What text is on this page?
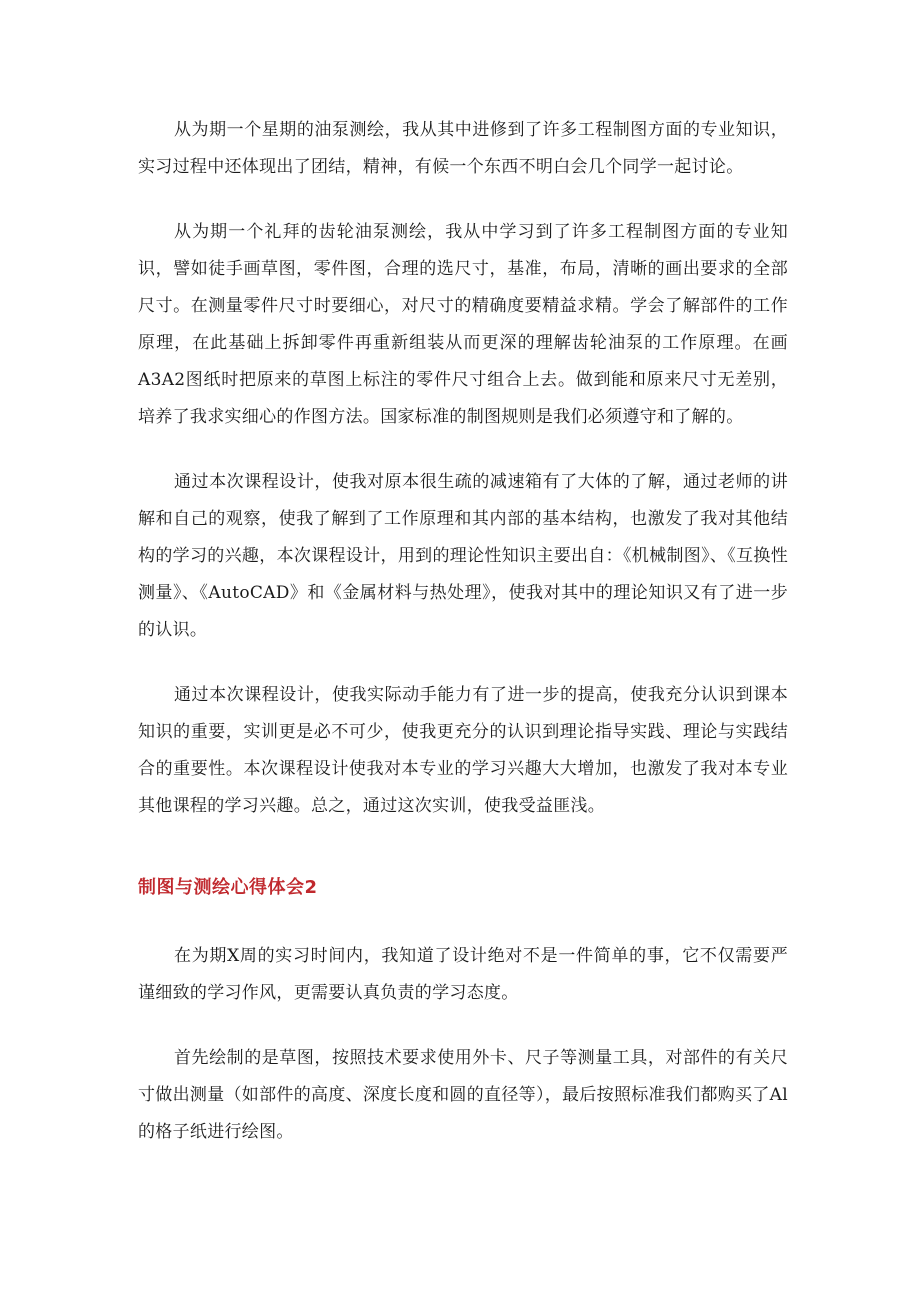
从为期一个星期的油泵测绘，我从其中进修到了许多工程制图方面的专业知识，实习过程中还体现出了团结，精神，有候一个东西不明白会几个同学一起讨论。

从为期一个礼拜的齿轮油泵测绘，我从中学习到了许多工程制图方面的专业知识，譬如徒手画草图，零件图，合理的选尺寸，基准，布局，清晰的画出要求的全部尺寸。在测量零件尺寸时要细心，对尺寸的精确度要精益求精。学会了解部件的工作原理，在此基础上拆卸零件再重新组装从而更深的理解齿轮油泵的工作原理。在画A3A2图纸时把原来的草图上标注的零件尺寸组合上去。做到能和原来尺寸无差别，培养了我求实细心的作图方法。国家标准的制图规则是我们必须遵守和了解的。

通过本次课程设计，使我对原本很生疏的减速箱有了大体的了解，通过老师的讲解和自己的观察，使我了解到了工作原理和其内部的基本结构，也激发了我对其他结构的学习的兴趣，本次课程设计，用到的理论性知识主要出自：《机械制图》、《互换性测量》、《AutoCAD》和《金属材料与热处理》，使我对其中的理论知识又有了进一步的认识。

通过本次课程设计，使我实际动手能力有了进一步的提高，使我充分认识到课本知识的重要，实训更是必不可少，使我更充分的认识到理论指导实践、理论与实践结合的重要性。本次课程设计使我对本专业的学习兴趣大大增加，也激发了我对本专业其他课程的学习兴趣。总之，通过这次实训，使我受益匪浅。

制图与测绘心得体会2

在为期X周的实习时间内，我知道了设计绝对不是一件简单的事，它不仅需要严谨细致的学习作风，更需要认真负责的学习态度。

首先绘制的是草图，按照技术要求使用外卡、尺子等测量工具，对部件的有关尺寸做出测量（如部件的高度、深度长度和圆的直径等），最后按照标准我们都购买了Al的格子纸进行绘图。
